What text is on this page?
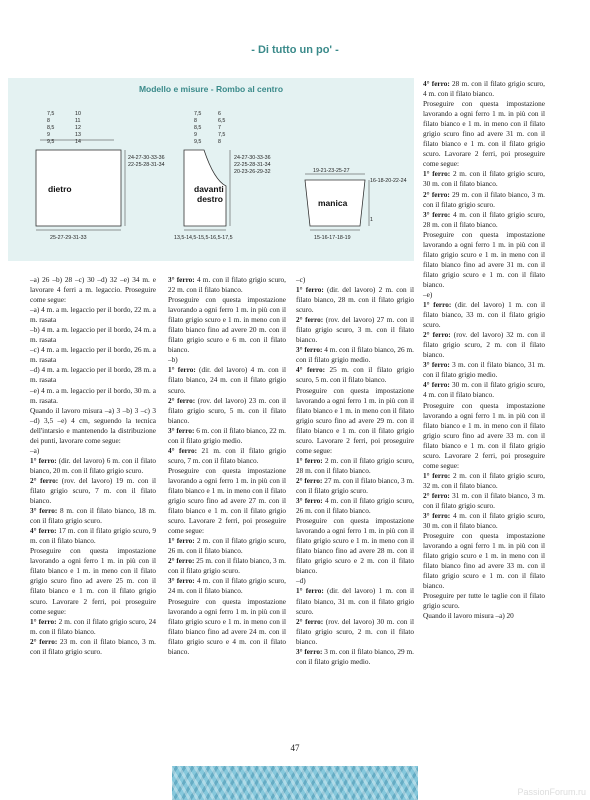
- Di tutto un po' -
Modello e misure - Rombo al centro
dietro
7,5
8
8,5
9
9,5
10
11
12
13
14
24-27-30-33-36
22-25-28-31-34
25-27-29-31-33
davanti
destro
7,5
8
8,5
9
9,5
6
6,5
7
7,5
8
24-27-30-33-36
22-25-28-31-34
20-23-26-29-32
13,5-14,5-15,5-16,5-17,5
manica
19-21-23-25-27
16-18-20-22-24
1
15-16-17-18-19

–a) 26 –b) 28 –c) 30 –d) 32 –e) 34 m. e lavorare 4 ferri a m. legaccio. Proseguire come segue:

–a) 4 m. a m. legaccio per il bordo, 22 m. a m. rasata

–b) 4 m. a m. legaccio per il bordo, 24 m. a m. rasata

–c) 4 m. a m. legaccio per il bordo, 26 m. a m. rasata

–d) 4 m. a m. legaccio per il bordo, 28 m. a m. rasata

–e) 4 m. a m. legaccio per il bordo, 30 m. a m. rasata.

Quando il lavoro misura –a) 3 –b) 3 –c) 3 –d) 3,5 –e) 4 cm, seguendo la tecnica dell'intarsio e mantenendo la distribuzione dei punti, lavorare come segue:

–a)

1° ferro: (dir. del lavoro) 6 m. con il filato bianco, 20 m. con il filato grigio scuro.

2° ferro: (rov. del lavoro) 19 m. con il filato grigio scuro, 7 m. con il filato bianco.

3° ferro: 8 m. con il filato bianco, 18 m. con il filato grigio scuro.

4° ferro: 17 m. con il filato grigio scuro, 9 m. con il filato bianco.

Proseguire con questa impostazione lavorando a ogni ferro 1 m. in più con il filato bianco e 1 m. in meno con il filato grigio scuro fino ad avere 25 m. con il filato bianco e 1 m. con il filato grigio scuro. Lavorare 2 ferri, poi proseguire come segue:

1° ferro: 2 m. con il filato grigio scuro, 24 m. con il filato bianco.

2° ferro: 23 m. con il filato bianco, 3 m. con il filato grigio scuro.

3° ferro: 4 m. con il filato grigio scuro, 22 m. con il filato bianco.

Proseguire con questa impostazione lavorando a ogni ferro 1 m. in più con il filato grigio scuro e 1 m. in meno con il filato bianco fino ad avere 20 m. con il filato grigio scuro e 6 m. con il filato bianco.

–b)

1° ferro: (dir. del lavoro) 4 m. con il filato bianco, 24 m. con il filato grigio scuro.

2° ferro: (rov. del lavoro) 23 m. con il filato grigio scuro, 5 m. con il filato bianco.

3° ferro: 6 m. con il filato bianco, 22 m. con il filato grigio medio.

4° ferro: 21 m. con il filato grigio scuro, 7 m. con il filato bianco.

Proseguire con questa impostazione lavorando a ogni ferro 1 m. in più con il filato bianco e 1 m. in meno con il filato grigio scuro fino ad avere 27 m. con il filato bianco e 1 m. con il filato grigio scuro. Lavorare 2 ferri, poi proseguire come segue:

1° ferro: 2 m. con il filato grigio scuro, 26 m. con il filato bianco.

2° ferro: 25 m. con il filato bianco, 3 m. con il filato grigio scuro.

3° ferro: 4 m. con il filato grigio scuro, 24 m. con il filato bianco.

Proseguire con questa impostazione lavorando a ogni ferro 1 m. in più con il filato grigio scuro e 1 m. in meno con il filato bianco fino ad avere 24 m. con il filato grigio scuro e 4 m. con il filato bianco.

–c)

1° ferro: (dir. del lavoro) 2 m. con il filato bianco, 28 m. con il filato grigio scuro.

2° ferro: (rov. del lavoro) 27 m. con il filato grigio scuro, 3 m. con il filato bianco.

3° ferro: 4 m. con il filato bianco, 26 m. con il filato grigio medio.

4° ferro: 25 m. con il filato grigio scuro, 5 m. con il filato bianco.

Proseguire con questa impostazione lavorando a ogni ferro 1 m. in più con il filato bianco e 1 m. in meno con il filato grigio scuro fino ad avere 29 m. con il filato bianco e 1 m. con il filato grigio scuro. Lavorare 2 ferri, poi proseguire come segue:

1° ferro: 2 m. con il filato grigio scuro, 28 m. con il filato bianco.

2° ferro: 27 m. con il filato bianco, 3 m. con il filato grigio scuro.

3° ferro: 4 m. con il filato grigio scuro, 26 m. con il filato bianco.

Proseguire con questa impostazione lavorando a ogni ferro 1 m. in più con il filato grigio scuro e 1 m. in meno con il filato bianco fino ad avere 28 m. con il filato grigio scuro e 2 m. con il filato bianco.

–d)

1° ferro: (dir. del lavoro) 1 m. con il filato bianco, 31 m. con il filato grigio scuro.

2° ferro: (rov. del lavoro) 30 m. con il filato grigio scuro, 2 m. con il filato bianco.

3° ferro: 3 m. con il filato bianco, 29 m. con il filato grigio medio.

4° ferro: 28 m. con il filato grigio scuro, 4 m. con il filato bianco.

Proseguire con questa impostazione lavorando a ogni ferro 1 m. in più con il filato bianco e 1 m. in meno con il filato grigio scuro fino ad avere 31 m. con il filato bianco e 1 m. con il filato grigio scuro. Lavorare 2 ferri, poi proseguire come segue:

1° ferro: 2 m. con il filato grigio scuro, 30 m. con il filato bianco.

2° ferro: 29 m. con il filato bianco, 3 m. con il filato grigio scuro.

3° ferro: 4 m. con il filato grigio scuro, 28 m. con il filato bianco.

Proseguire con questa impostazione lavorando a ogni ferro 1 m. in più con il filato grigio scuro e 1 m. in meno con il filato bianco fino ad avere 31 m. con il filato grigio scuro e 1 m. con il filato bianco.

–e)

1° ferro: (dir. del lavoro) 1 m. con il filato bianco, 33 m. con il filato grigio scuro.

2° ferro: (rov. del lavoro) 32 m. con il filato grigio scuro, 2 m. con il filato bianco.

3° ferro: 3 m. con il filato bianco, 31 m. con il filato grigio medio.

4° ferro: 30 m. con il filato grigio scuro, 4 m. con il filato bianco.

Proseguire con questa impostazione lavorando a ogni ferro 1 m. in più con il filato bianco e 1 m. in meno con il filato grigio scuro fino ad avere 33 m. con il filato bianco e 1 m. con il filato grigio scuro. Lavorare 2 ferri, poi proseguire come segue:

1° ferro: 2 m. con il filato grigio scuro, 32 m. con il filato bianco.

2° ferro: 31 m. con il filato bianco, 3 m. con il filato grigio scuro.

3° ferro: 4 m. con il filato grigio scuro, 30 m. con il filato bianco.

Proseguire con questa impostazione lavorando a ogni ferro 1 m. in più con il filato grigio scuro e 1 m. in meno con il filato bianco fino ad avere 33 m. con il filato grigio scuro e 1 m. con il filato bianco.

Proseguire per tutte le taglie con il filato grigio scuro.

Quando il lavoro misura –a) 20

47
PassionForum.ru
